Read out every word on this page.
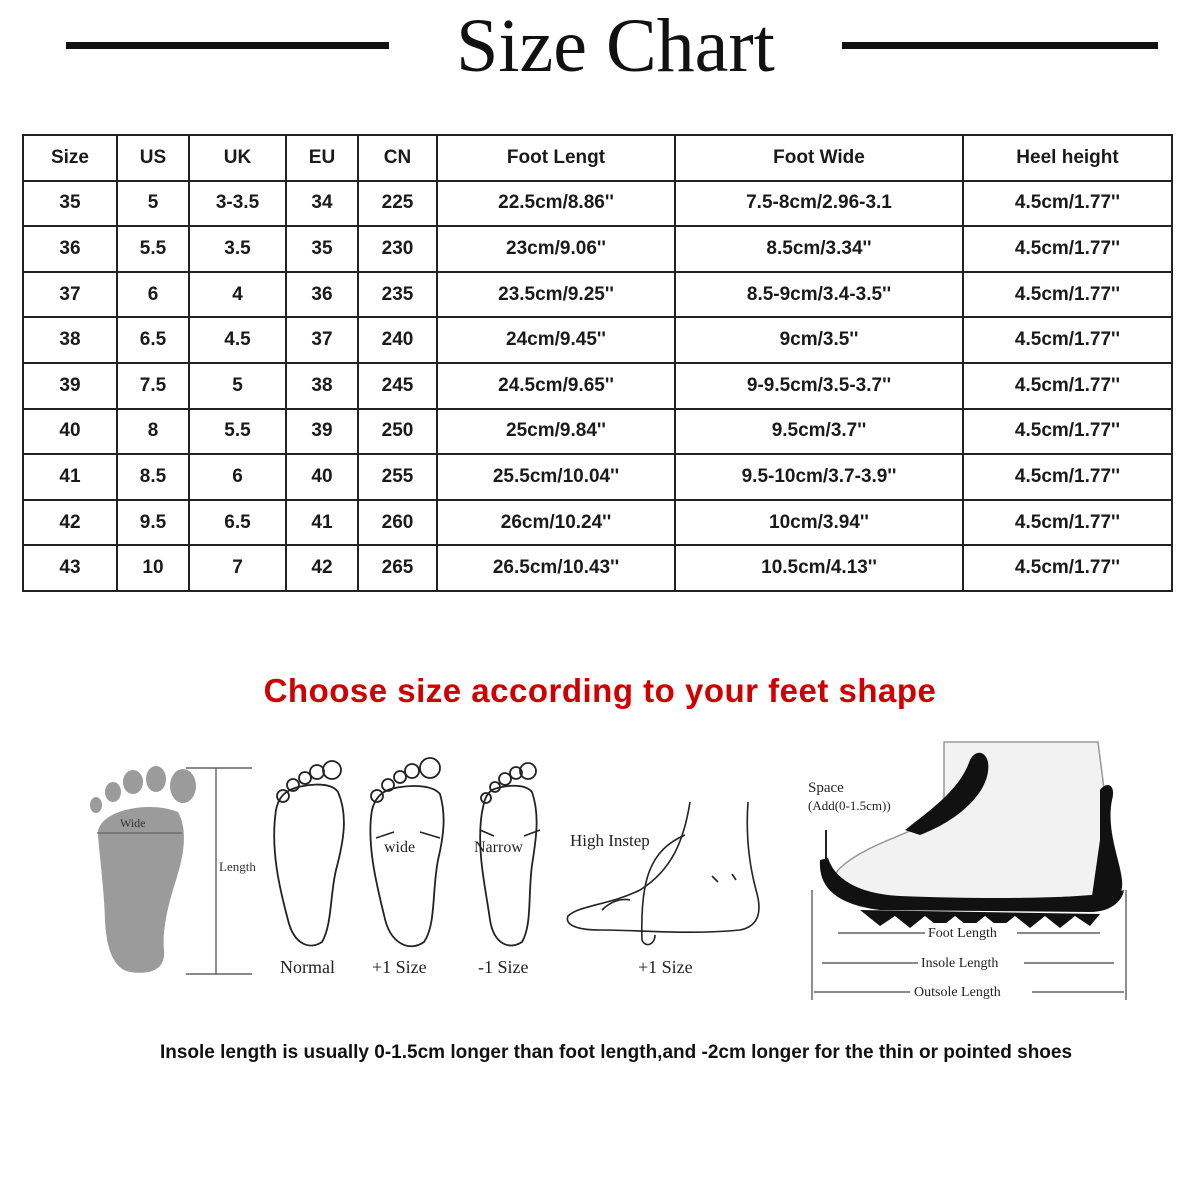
Size Chart
Size	US	UK	EU	CN	Foot Lengt	Foot Wide	Heel height
35	5	3-3.5	34	225	22.5cm/8.86''	7.5-8cm/2.96-3.1	4.5cm/1.77''
36	5.5	3.5	35	230	23cm/9.06''	8.5cm/3.34''	4.5cm/1.77''
37	6	4	36	235	23.5cm/9.25''	8.5-9cm/3.4-3.5''	4.5cm/1.77''
38	6.5	4.5	37	240	24cm/9.45''	9cm/3.5''	4.5cm/1.77''
39	7.5	5	38	245	24.5cm/9.65''	9-9.5cm/3.5-3.7''	4.5cm/1.77''
40	8	5.5	39	250	25cm/9.84''	9.5cm/3.7''	4.5cm/1.77''
41	8.5	6	40	255	25.5cm/10.04''	9.5-10cm/3.7-3.9''	4.5cm/1.77''
42	9.5	6.5	41	260	26cm/10.24''	10cm/3.94''	4.5cm/1.77''
43	10	7	42	265	26.5cm/10.43''	10.5cm/4.13''	4.5cm/1.77''
Choose size according to your feet shape
Wide
Length
Normal
wide
+1 Size
Narrow
-1 Size
High Instep
+1 Size
Space
(Add(0-1.5cm))
Foot Length
Insole Length
Outsole Length
Insole length is usually 0-1.5cm longer than foot length,and -2cm longer for the thin or pointed shoes
